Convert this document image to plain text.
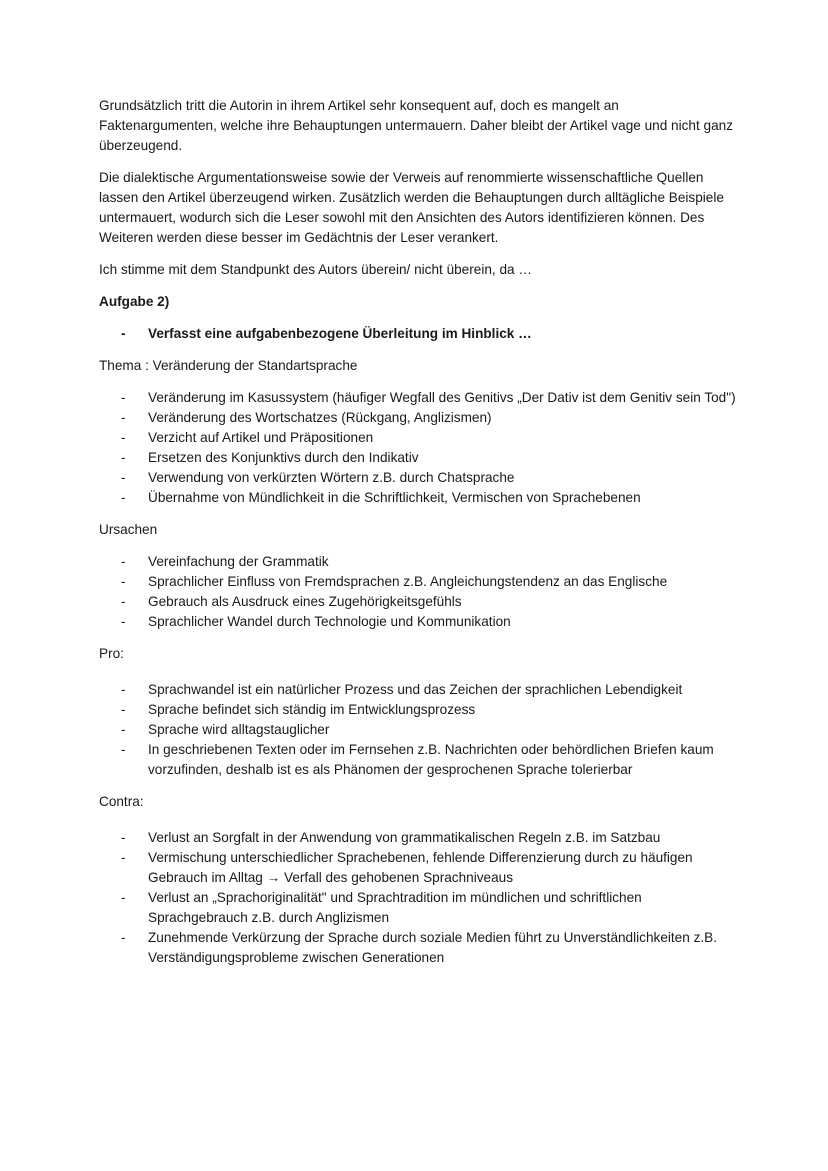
Grundsätzlich tritt die Autorin in ihrem Artikel sehr konsequent auf, doch es mangelt an Faktenargumenten, welche ihre Behauptungen untermauern. Daher bleibt der Artikel vage und nicht ganz überzeugend.

Die dialektische Argumentationsweise sowie der Verweis auf renommierte wissenschaftliche Quellen lassen den Artikel überzeugend wirken. Zusätzlich werden die Behauptungen durch alltägliche Beispiele untermauert, wodurch sich die Leser sowohl mit den Ansichten des Autors identifizieren können. Des Weiteren werden diese besser im Gedächtnis der Leser verankert.

Ich stimme mit dem Standpunkt des Autors überein/ nicht überein, da …

Aufgabe 2)
- Verfasst eine aufgabenbezogene Überleitung im Hinblick …
Thema : Veränderung der Standartsprache
- Veränderung im Kasussystem (häufiger Wegfall des Genitivs „Der Dativ ist dem Genitiv sein Tod")
- Veränderung des Wortschatzes (Rückgang, Anglizismen)
- Verzicht auf Artikel und Präpositionen
- Ersetzen des Konjunktivs durch den Indikativ
- Verwendung von verkürzten Wörtern z.B. durch Chatsprache
- Übernahme von Mündlichkeit in die Schriftlichkeit, Vermischen von Sprachebenen
Ursachen
- Vereinfachung der Grammatik
- Sprachlicher Einfluss von Fremdsprachen z.B. Angleichungstendenz an das Englische
- Gebrauch als Ausdruck eines Zugehörigkeitsgefühls
- Sprachlicher Wandel durch Technologie und Kommunikation
Pro:
- Sprachwandel ist ein natürlicher Prozess und das Zeichen der sprachlichen Lebendigkeit
- Sprache befindet sich ständig im Entwicklungsprozess
- Sprache wird alltagstauglicher
- In geschriebenen Texten oder im Fernsehen z.B. Nachrichten oder behördlichen Briefen kaum vorzufinden, deshalb ist es als Phänomen der gesprochenen Sprache tolerierbar
Contra:
- Verlust an Sorgfalt in der Anwendung von grammatikalischen Regeln z.B. im Satzbau
- Vermischung unterschiedlicher Sprachebenen, fehlende Differenzierung durch zu häufigen Gebrauch im Alltag → Verfall des gehobenen Sprachniveaus
- Verlust an „Sprachoriginalität" und Sprachtradition im mündlichen und schriftlichen Sprachgebrauch z.B. durch Anglizismen
- Zunehmende Verkürzung der Sprache durch soziale Medien führt zu Unverständlichkeiten z.B. Verständigungsprobleme zwischen Generationen
